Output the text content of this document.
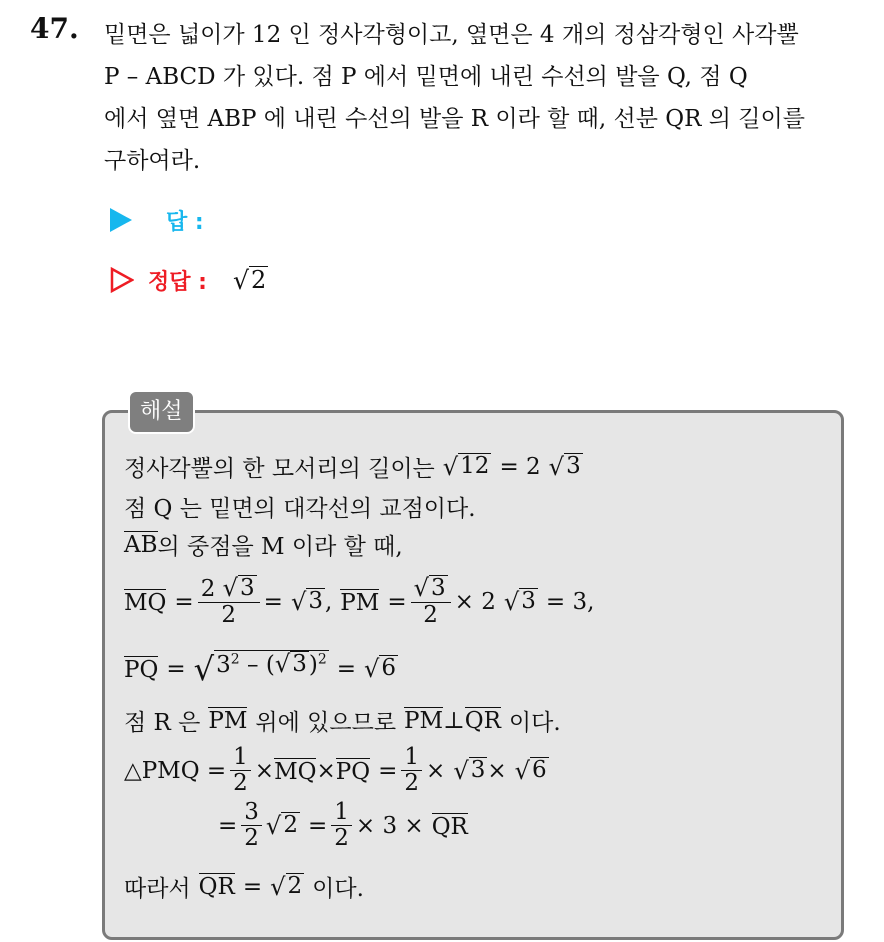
47. 밑면은 넓이가 12 인 정사각형이고, 옆면은 4 개의 정삼각형인 사각뿔
P – ABCD 가 있다. 점 P 에서 밑면에 내린 수선의 발을 Q, 점 Q
에서 옆면 ABP 에 내린 수선의 발을 R 이라 할 때, 선분 QR 의 길이를
구하여라.
답 :
정답 : √ 2
해설
정사각뿔의 한 모서리의 길이는 √ 12 = 2 √ 3
점 Q 는 밑면의 대각선의 교점이다.
AB 의 중점을 M 이라 할 때,
MQ = $\frac{2 √ 3}{2}$ = √ 3 , PM = $\frac{√ 3}{2} \times 2$ √ 3 = 3,
PQ = √ $3^2$ – ( √ 3 )$^2$ = √ 6
점 R 은 PM 위에 있으므로 PM ⊥ QR 이다.
△PMQ = $\frac{1}{2}$ × MQ × PQ = $\frac{1}{2}$ × √ 3 × √ 6
= $\frac{3}{2}$ √ $2 = \frac{1}{2} \times 3$ × QR
따라서 QR = √ 2 이다.
